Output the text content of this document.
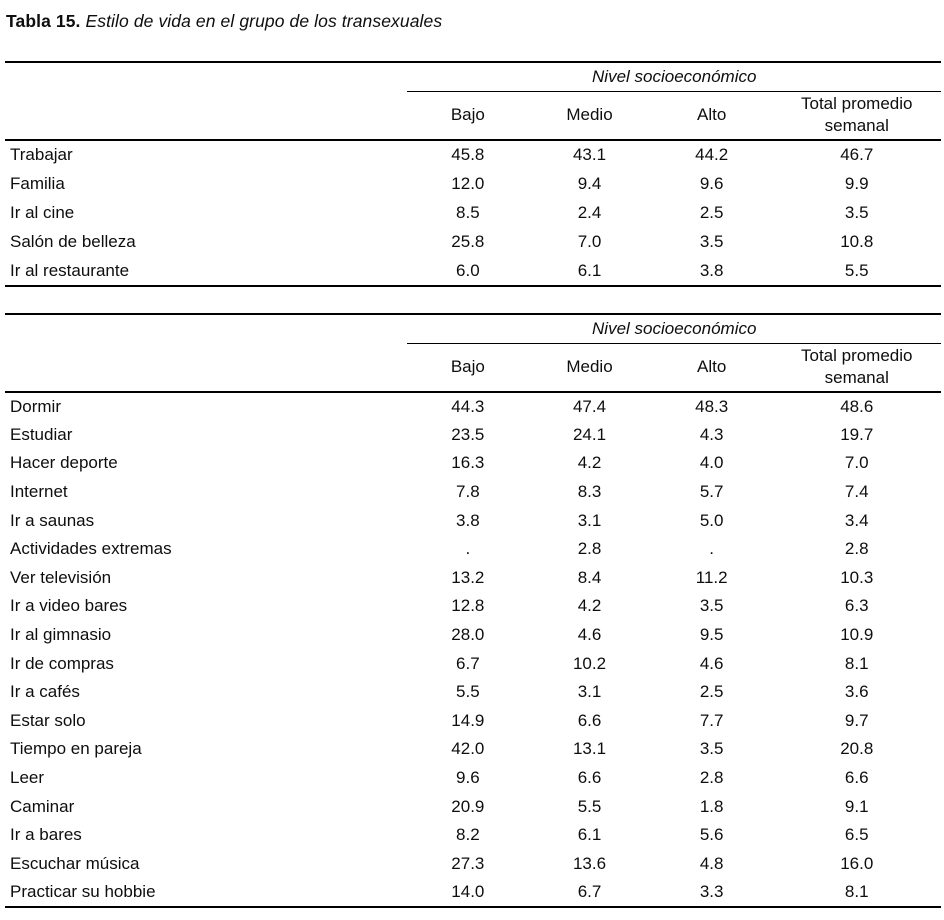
Tabla 15. Estilo de vida en el grupo de los transexuales
	Nivel socioeconómico			
	Bajo	Medio	Alto	Total promedio semanal
Trabajar	45.8	43.1	44.2	46.7
Familia	12.0	9.4	9.6	9.9
Ir al cine	8.5	2.4	2.5	3.5
Salón de belleza	25.8	7.0	3.5	10.8
Ir al restaurante	6.0	6.1	3.8	5.5
	Nivel socioeconómico			
	Bajo	Medio	Alto	Total promedio semanal
Dormir	44.3	47.4	48.3	48.6
Estudiar	23.5	24.1	4.3	19.7
Hacer deporte	16.3	4.2	4.0	7.0
Internet	7.8	8.3	5.7	7.4
Ir a saunas	3.8	3.1	5.0	3.4
Actividades extremas	.	2.8	.	2.8
Ver televisión	13.2	8.4	11.2	10.3
Ir a video bares	12.8	4.2	3.5	6.3
Ir al gimnasio	28.0	4.6	9.5	10.9
Ir de compras	6.7	10.2	4.6	8.1
Ir a cafés	5.5	3.1	2.5	3.6
Estar solo	14.9	6.6	7.7	9.7
Tiempo en pareja	42.0	13.1	3.5	20.8
Leer	9.6	6.6	2.8	6.6
Caminar	20.9	5.5	1.8	9.1
Ir a bares	8.2	6.1	5.6	6.5
Escuchar música	27.3	13.6	4.8	16.0
Practicar su hobbie	14.0	6.7	3.3	8.1
